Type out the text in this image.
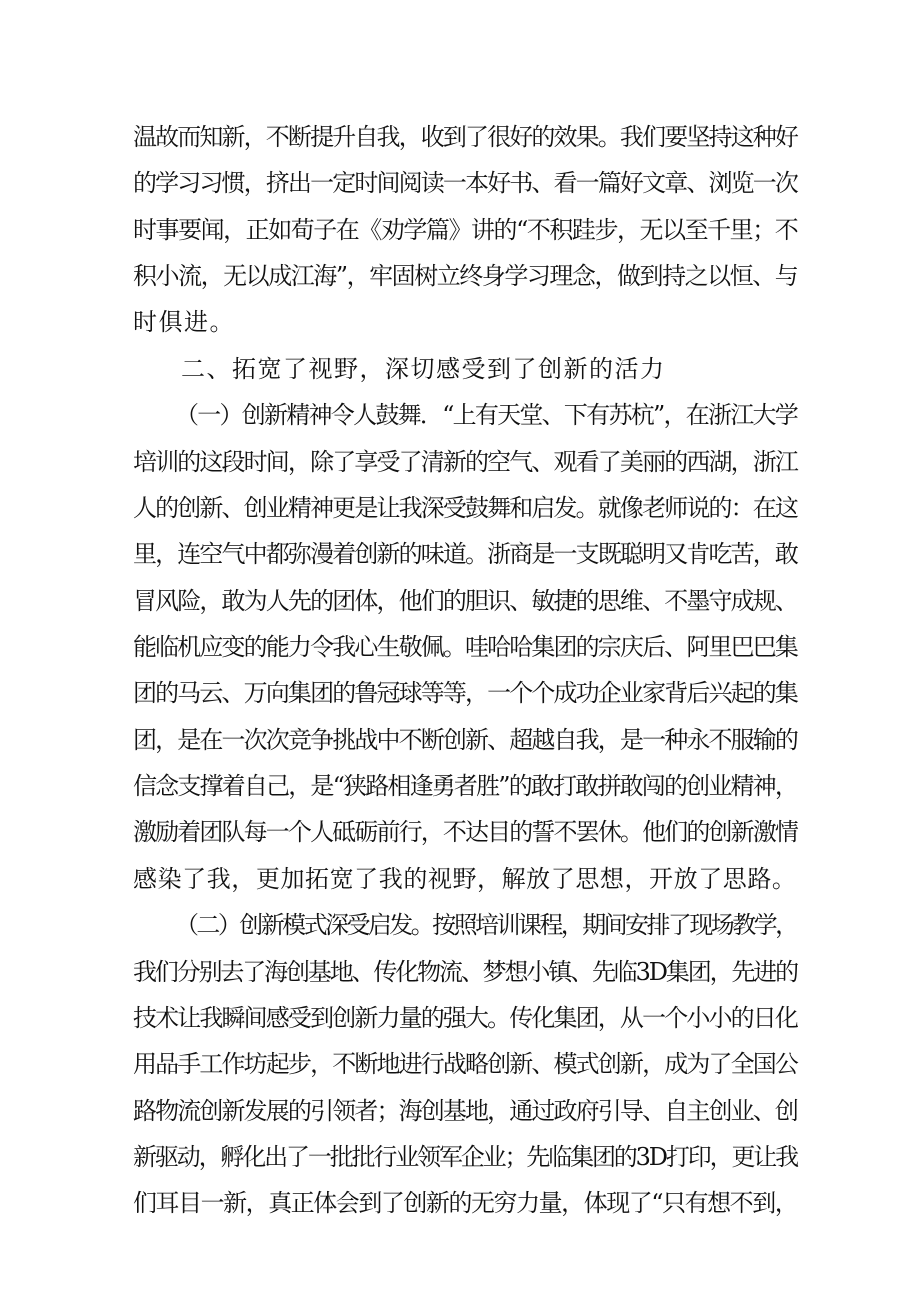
温故而知新，不断提升自我，收到了很好的效果。我们要坚持这种好
的学习习惯，挤出一定时间阅读一本好书、看一篇好文章、浏览一次
时事要闻，正如荀子在《劝学篇》讲的“不积跬步，无以至千里；不
积小流，无以成江海”，牢固树立终身学习理念，做到持之以恒、与
时俱进。
二、拓宽了视野，深切感受到了创新的活力
（一）创新精神令人鼓舞．“上有天堂、下有苏杭”，在浙江大学
培训的这段时间，除了享受了清新的空气、观看了美丽的西湖，浙江
人的创新、创业精神更是让我深受鼓舞和启发。就像老师说的：在这
里，连空气中都弥漫着创新的味道。浙商是一支既聪明又肯吃苦，敢
冒风险，敢为人先的团体，他们的胆识、敏捷的思维、不墨守成规、
能临机应变的能力令我心生敬佩。哇哈哈集团的宗庆后、阿里巴巴集
团的马云、万向集团的鲁冠球等等，一个个成功企业家背后兴起的集
团，是在一次次竞争挑战中不断创新、超越自我，是一种永不服输的
信念支撑着自己，是“狭路相逢勇者胜”的敢打敢拼敢闯的创业精神，
激励着团队每一个人砥砺前行，不达目的誓不罢休。他们的创新激情
感染了我，更加拓宽了我的视野，解放了思想，开放了思路。
（二）创新模式深受启发。按照培训课程，期间安排了现场教学，
我们分别去了海创基地、传化物流、梦想小镇、先临3D集团，先进的
技术让我瞬间感受到创新力量的强大。传化集团，从一个小小的日化
用品手工作坊起步，不断地进行战略创新、模式创新，成为了全国公
路物流创新发展的引领者；海创基地，通过政府引导、自主创业、创
新驱动，孵化出了一批批行业领军企业；先临集团的3D打印，更让我
们耳目一新，真正体会到了创新的无穷力量，体现了“只有想不到，
